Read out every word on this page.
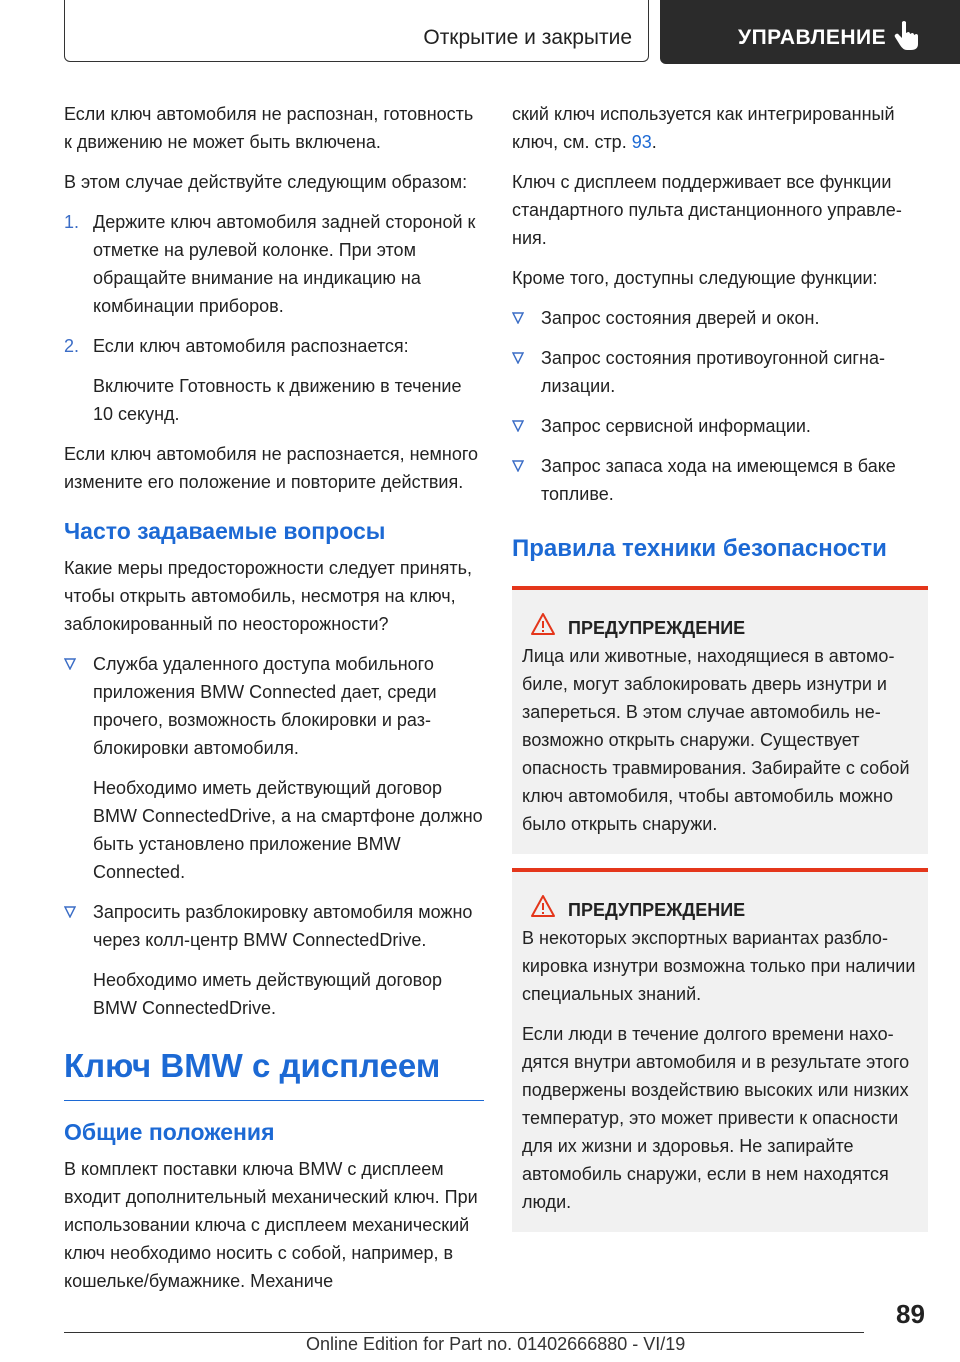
Открытие и закрытие	УПРАВЛЕНИЕ

Если ключ автомобиля не распознан, готовность к движению не может быть включена.

В этом случае действуйте следующим образом:

1. Держите ключ автомобиля задней стороной к отметке на рулевой колонке. При этом обращайте внимание на индикацию на комбинации приборов.
2. Если ключ автомобиля распознается:
Включите Готовность к движению в течение 10 секунд.

Если ключ автомобиля не распознается, немного измените его положение и повторите действия.

Часто задаваемые вопросы

Какие меры предосторожности следует принять, чтобы открыть автомобиль, несмотря на ключ, заблокированный по неосторожности?

Служба удаленного доступа мобильного приложения BMW Connected дает, среди прочего, возможность блокировки и разблокировки автомобиля.
Необходимо иметь действующий договор BMW ConnectedDrive, а на смартфоне должно быть установлено приложение BMW Connected.
Запросить разблокировку автомобиля можно через колл-центр BMW ConnectedDrive.
Необходимо иметь действующий договор BMW ConnectedDrive.
Ключ BMW с дисплеем
Общие положения

В комплект поставки ключа BMW с дисплеем входит дополнительный механический ключ. При использовании ключа с дисплеем механический ключ необходимо носить с собой, например, в кошельке/бумажнике. Механиче

ский ключ используется как интегрированный ключ, см. стр. 93.

Ключ с дисплеем поддерживает все функции стандартного пульта дистанционного управления.

Кроме того, доступны следующие функции:

Запрос состояния дверей и окон.
Запрос состояния противоугонной сигнализации.
Запрос сервисной информации.
Запрос запаса хода на имеющемся в баке топливе.
Правила техники безопасности
ПРЕДУПРЕЖДЕНИЕ

Лица или животные, находящиеся в автомобиле, могут заблокировать дверь изнутри и запереться. В этом случае автомобиль невозможно открыть снаружи. Существует опасность травмирования. Забирайте с собой ключ автомобиля, чтобы автомобиль можно было открыть снаружи.

ПРЕДУПРЕЖДЕНИЕ

В некоторых экспортных вариантах разблокировка изнутри возможна только при наличии специальных знаний.

Если люди в течение долгого времени находятся внутри автомобиля и в результате этого подвержены воздействию высоких или низких температур, это может привести к опасности для их жизни и здоровья. Не запирайте автомобиль снаружи, если в нем находятся люди.

89
Online Edition for Part no. 01402666880 - VI/19
